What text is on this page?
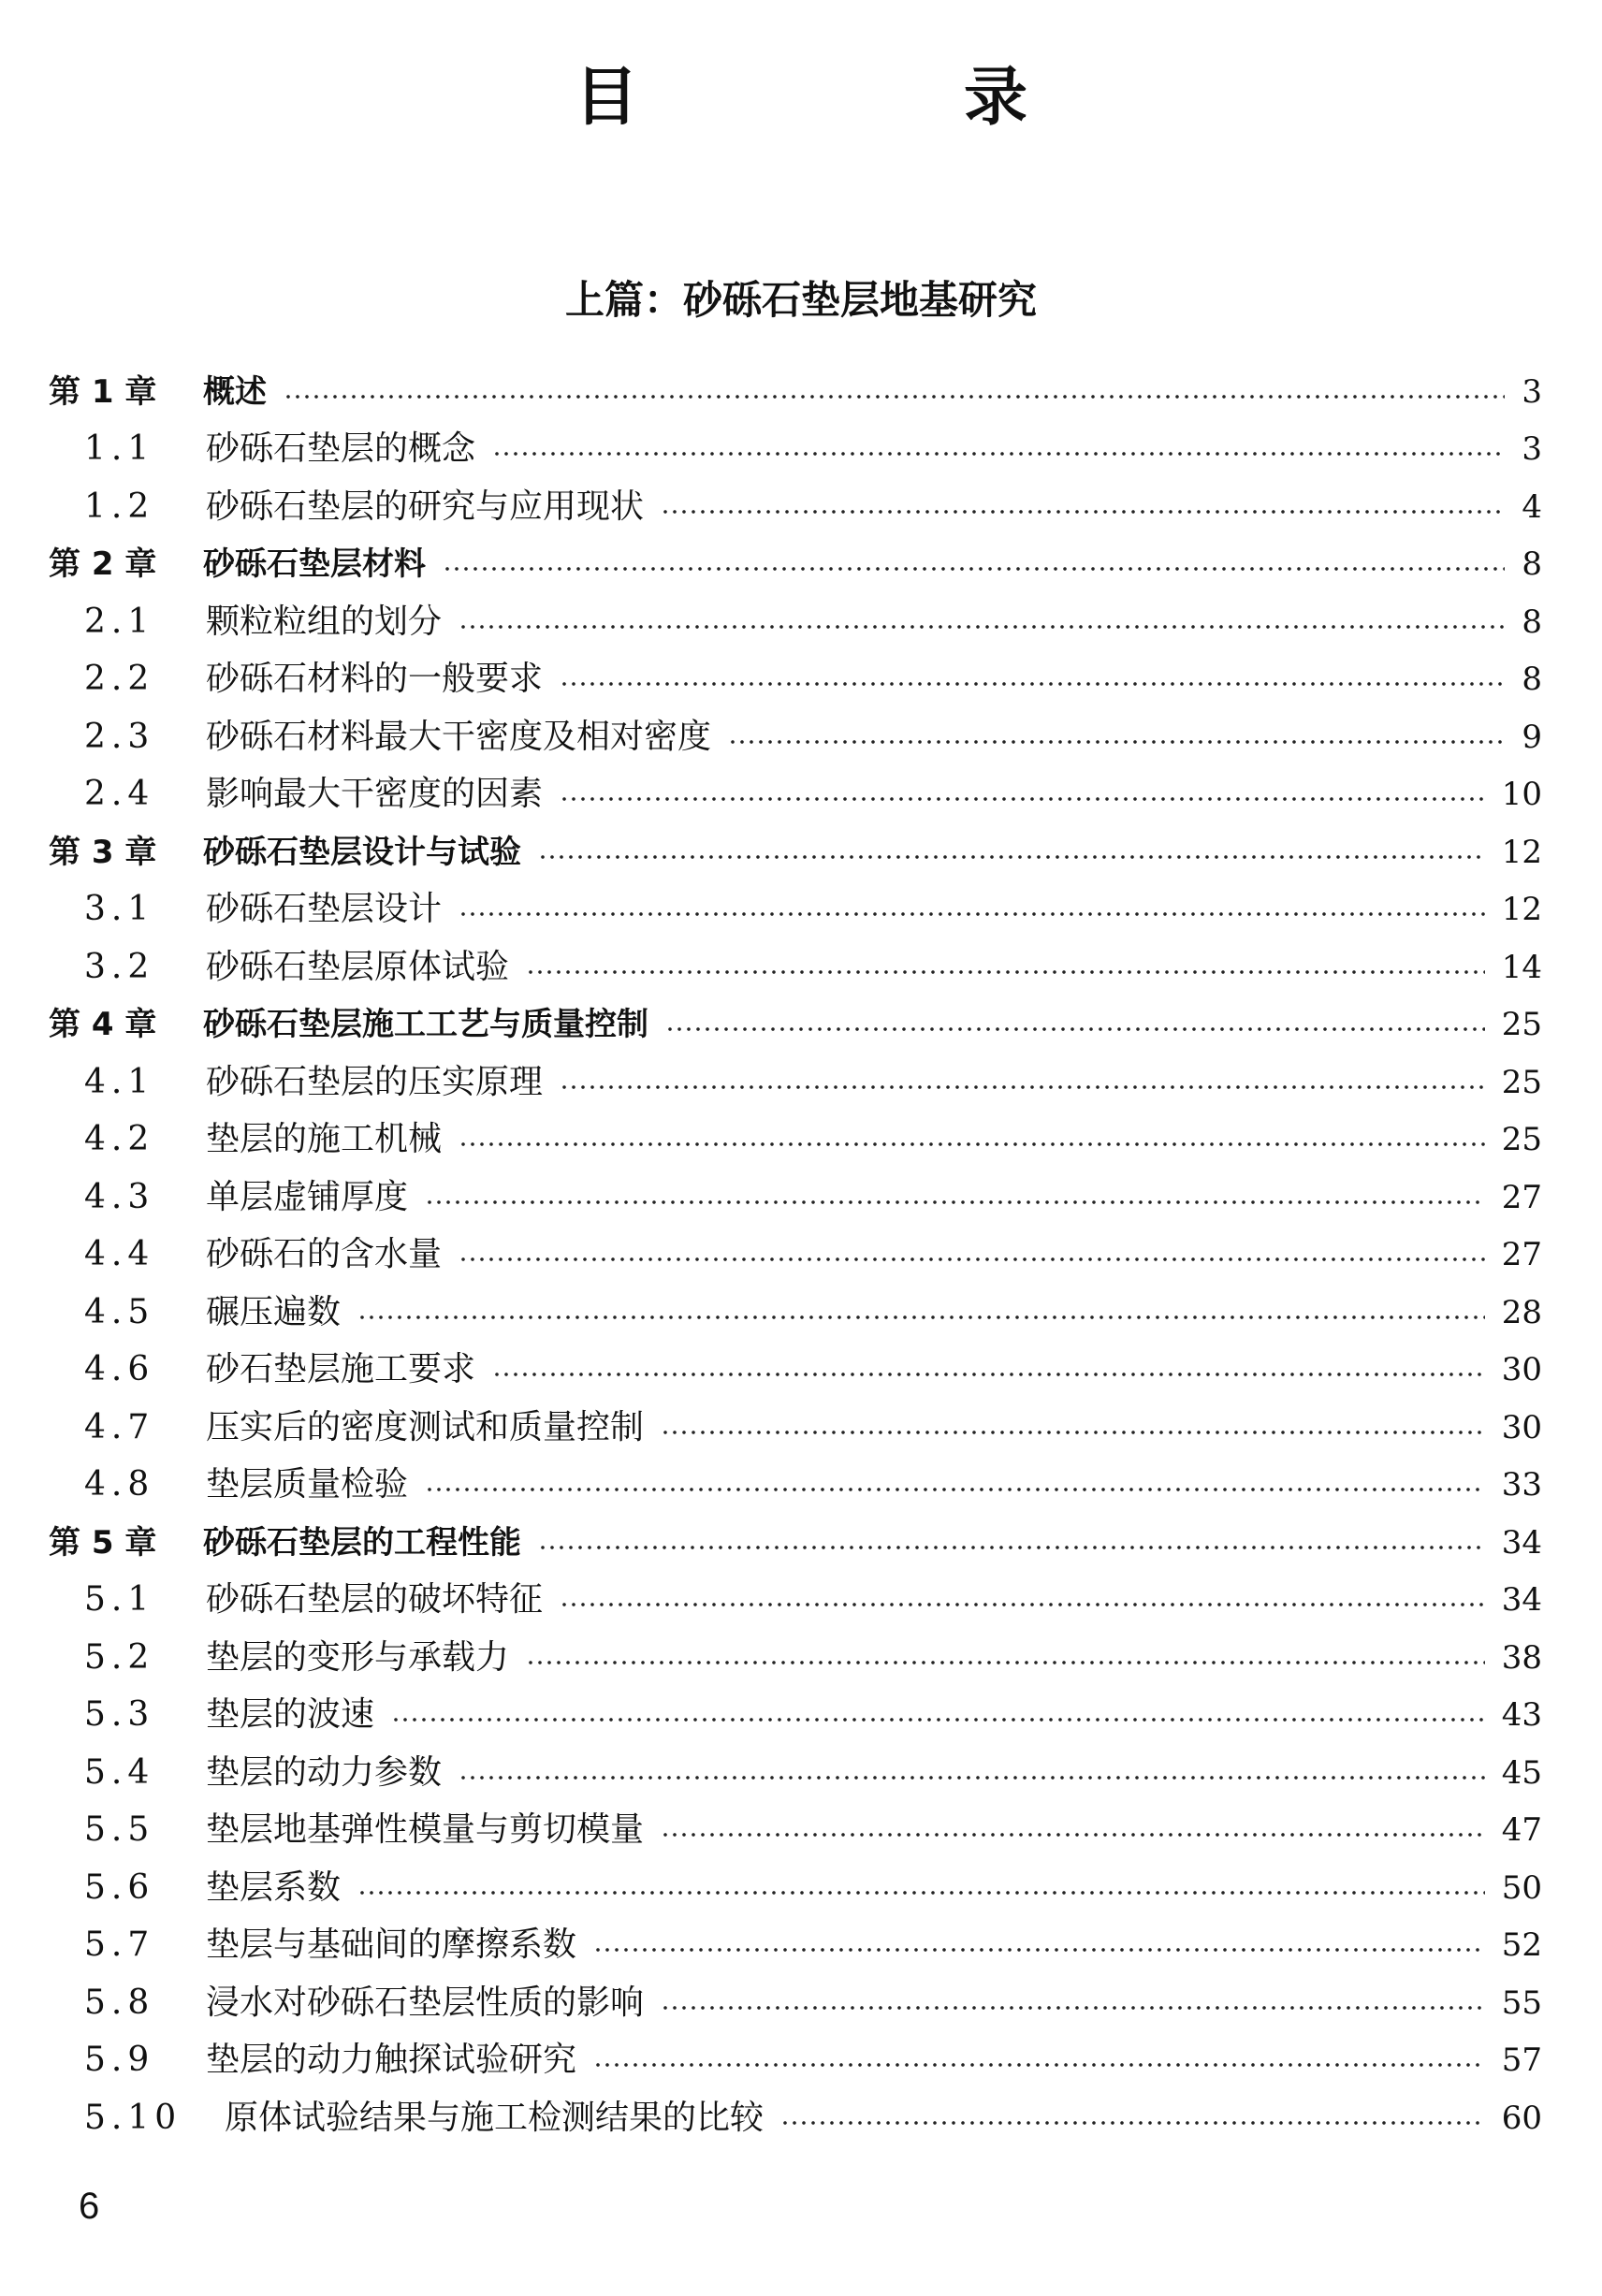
目　录
上篇：砂砾石垫层地基研究
第 1 章	概述	3
1.1	砂砾石垫层的概念	3
1.2	砂砾石垫层的研究与应用现状	4
第 2 章	砂砾石垫层材料	8
2.1	颗粒粒组的划分	8
2.2	砂砾石材料的一般要求	8
2.3	砂砾石材料最大干密度及相对密度	9
2.4	影响最大干密度的因素	10
第 3 章	砂砾石垫层设计与试验	12
3.1	砂砾石垫层设计	12
3.2	砂砾石垫层原体试验	14
第 4 章	砂砾石垫层施工工艺与质量控制	25
4.1	砂砾石垫层的压实原理	25
4.2	垫层的施工机械	25
4.3	单层虚铺厚度	27
4.4	砂砾石的含水量	27
4.5	碾压遍数	28
4.6	砂石垫层施工要求	30
4.7	压实后的密度测试和质量控制	30
4.8	垫层质量检验	33
第 5 章	砂砾石垫层的工程性能	34
5.1	砂砾石垫层的破坏特征	34
5.2	垫层的变形与承载力	38
5.3	垫层的波速	43
5.4	垫层的动力参数	45
5.5	垫层地基弹性模量与剪切模量	47
5.6	垫层系数	50
5.7	垫层与基础间的摩擦系数	52
5.8	浸水对砂砾石垫层性质的影响	55
5.9	垫层的动力触探试验研究	57
5.10	原体试验结果与施工检测结果的比较	60
6
